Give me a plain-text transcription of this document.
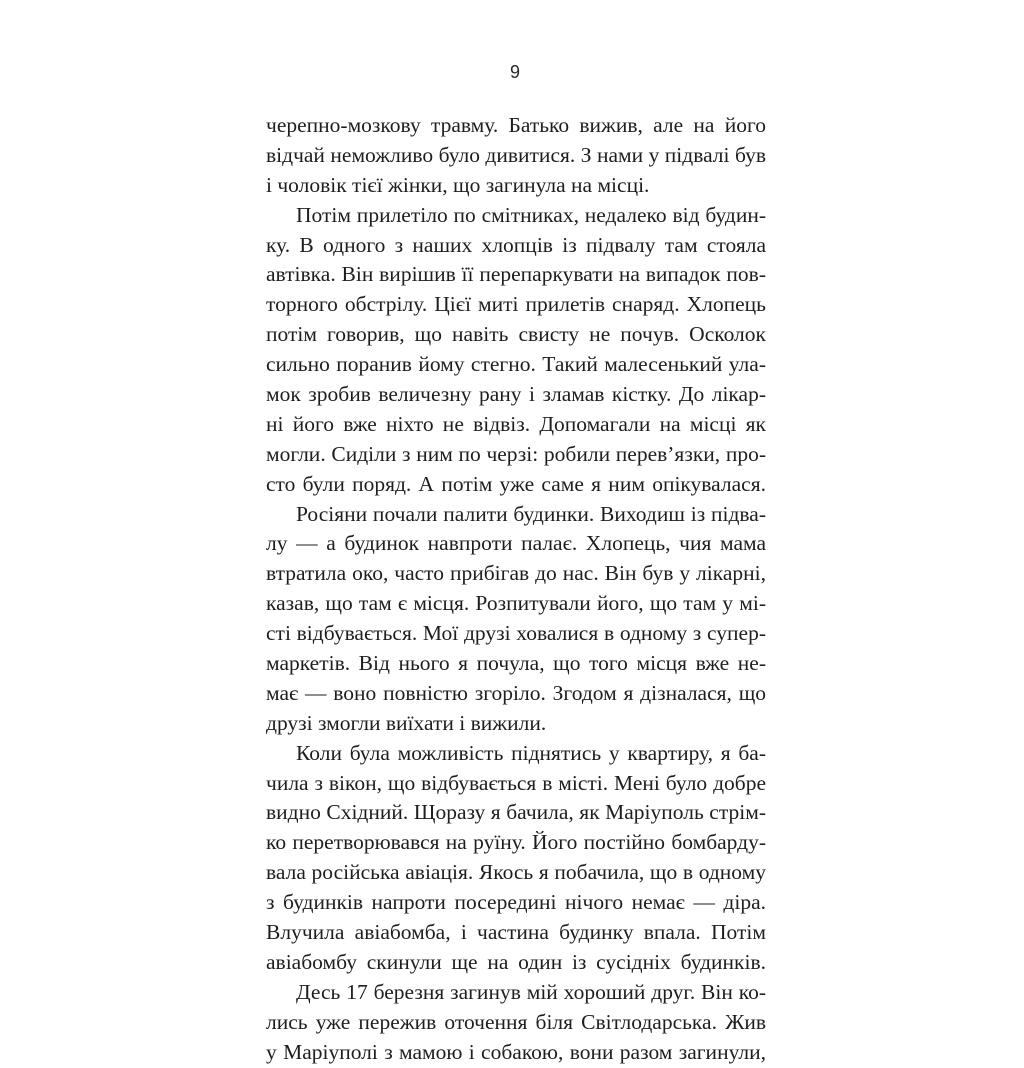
9
черепно-мозкову травму. Батько вижив, але на його
відчай неможливо було дивитися. З нами у підвалі був
і чоловік тієї жінки, що загинула на місці.
Потім прилетіло по смітниках, недалеко від будин-
ку. В одного з наших хлопців із підвалу там стояла
автівка. Він вирішив її перепаркувати на випадок пов-
торного обстрілу. Цієї миті прилетів снаряд. Хлопець
потім говорив, що навіть свисту не почув. Осколок
сильно поранив йому стегно. Такий малесенький ула-
мок зробив величезну рану і зламав кістку. До лікар-
ні його вже ніхто не відвіз. Допомагали на місці як
могли. Сиділи з ним по черзі: робили перев’язки, про-
сто були поряд. А потім уже саме я ним опікувалася.
Росіяни почали палити будинки. Виходиш із підва-
лу — а будинок навпроти палає. Хлопець, чия мама
втратила око, часто прибігав до нас. Він був у лікарні,
казав, що там є місця. Розпитували його, що там у мі-
сті відбувається. Мої друзі ховалися в одному з супер-
маркетів. Від нього я почула, що того місця вже не-
має — воно повністю згоріло. Згодом я дізналася, що
друзі змогли виїхати і вижили.
Коли була можливість піднятись у квартиру, я ба-
чила з вікон, що відбувається в місті. Мені було добре
видно Східний. Щоразу я бачила, як Маріуполь стрім-
ко перетворювався на руїну. Його постійно бомбарду-
вала російська авіація. Якось я побачила, що в одному
з будинків напроти посередині нічого немає — діра.
Влучила авіабомба, і частина будинку впала. Потім
авіабомбу скинули ще на один із сусідніх будинків.
Десь 17 березня загинув мій хороший друг. Він ко-
лись уже пережив оточення біля Світлодарська. Жив
у Маріуполі з мамою і собакою, вони разом загинули,
